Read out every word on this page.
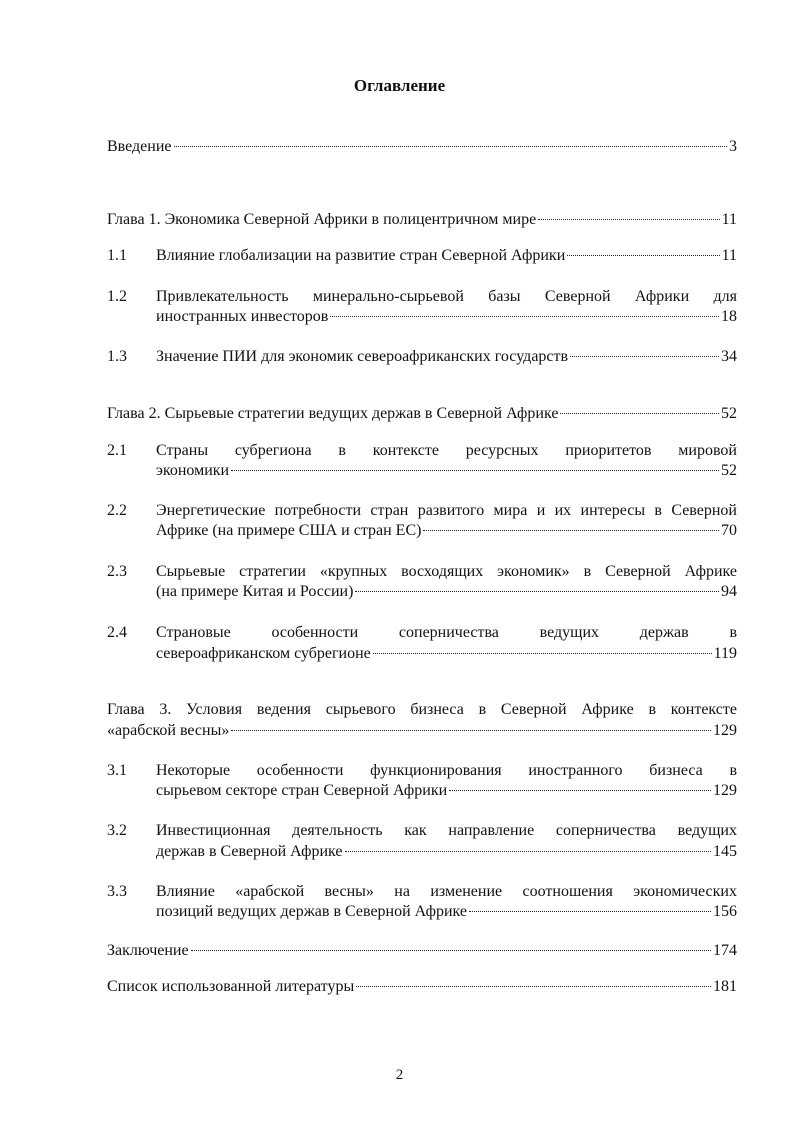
Оглавление
Введение	3
Глава 1. Экономика Северной Африки в полицентричном мире	11
1.1 Влияние глобализации на развитие стран Северной Африки	11
1.2 Привлекательность минерально-сырьевой базы Северной Африки для
иностранных инвесторов	18
1.3 Значение ПИИ для экономик североафриканских государств	34
Глава 2. Сырьевые стратегии ведущих держав в Северной Африке	52
2.1 Страны субрегиона в контексте ресурсных приоритетов мировой
экономики	52
2.2 Энергетические потребности стран развитого мира и их интересы в Северной
Африке (на примере США и стран ЕС)	70
2.3 Сырьевые стратегии «крупных восходящих экономик» в Северной Африке
(на примере Китая и России)	94
2.4 Страновые особенности соперничества ведущих держав в
североафриканском субрегионе	119
Глава 3. Условия ведения сырьевого бизнеса в Северной Африке в контексте
«арабской весны»	129
3.1 Некоторые особенности функционирования иностранного бизнеса в
сырьевом секторе стран Северной Африки	129
3.2 Инвестиционная деятельность как направление соперничества ведущих
держав в Северной Африке	145
3.3 Влияние «арабской весны» на изменение соотношения экономических
позиций ведущих держав в Северной Африке	156
Заключение	174
Список использованной литературы	181
2
